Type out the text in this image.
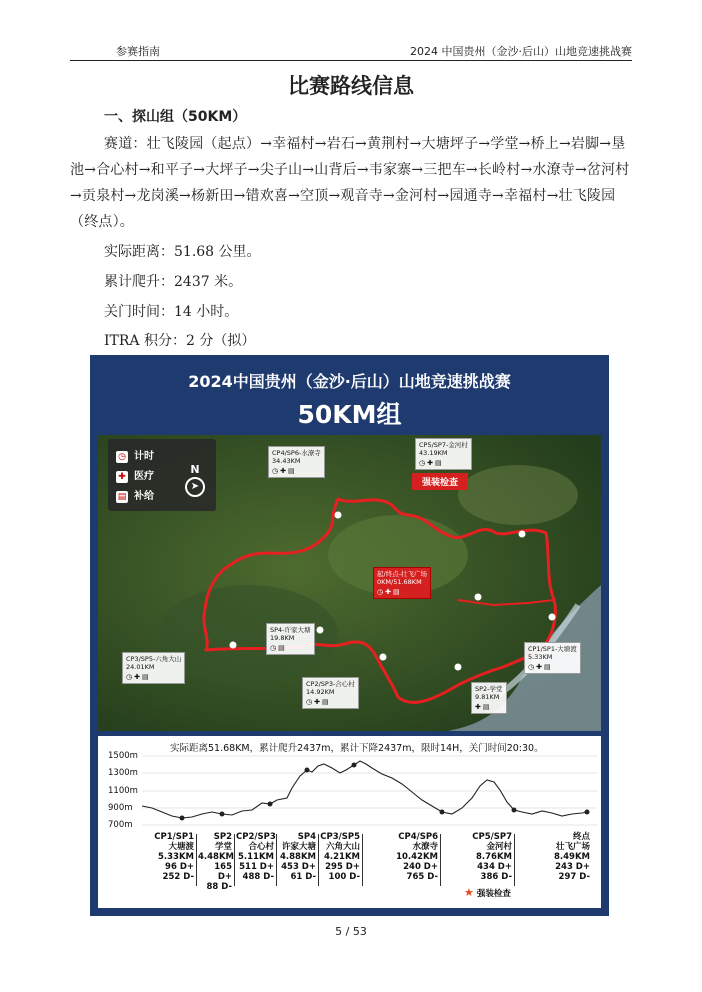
参赛指南	2024 中国贵州（金沙·后山）山地竞速挑战赛
比赛路线信息
一、探山组（50KM）
赛道：壮飞陵园（起点）→幸福村→岩石→黄荆村→大塘坪子→学堂→桥上→岩脚→垦池→合心村→和平子→大坪子→尖子山→山背后→韦家寨→三把车→长岭村→水潦寺→岔河村→贡泉村→龙岗溪→杨新田→错欢喜→空顶→观音寺→金河村→园通寺→幸福村→壮飞陵园（终点）。
实际距离：51.68 公里。
累计爬升：2437 米。
关门时间：14 小时。
ITRA 积分：2 分（拟）
2024中国贵州（金沙·后山）山地竞速挑战赛
50KM组
◷ 计时
✚ 医疗
▤ 补给
N
➤
CP4/SP6-水潦寺
34.43KM
◷✚▤
CP5/SP7-金河村
43.19KM
◷✚▤
强装检查
起/终点-壮飞广场
0KM/51.68KM
◷✚▤
SP4-许家大塘
19.8KM
◷▤
CP3/SP5-六角大山
24.01KM
◷✚▤
CP2/SP3-合心村
14.92KM
◷✚▤
SP2-学堂
9.81KM
✚▤
CP1/SP1-大塘渡
5.33KM
◷✚▤
实际距离51.68KM，累计爬升2437m，累计下降2437m，限时14H，关门时间20:30。
1500m
1300m
1100m
900m
700m
CP1/SP1
大塘渡
5.33KM
96 D+
252 D-
SP2
学堂
4.48KM
165 D+
88 D-
CP2/SP3
合心村
5.11KM
511 D+
488 D-
SP4
许家大塘
4.88KM
453 D+
61 D-
CP3/SP5
六角大山
4.21KM
295 D+
100 D-
CP4/SP6
水潦寺
10.42KM
240 D+
765 D-
CP5/SP7
金河村
8.76KM
434 D+
386 D-
终点
壮飞广场
8.49KM
243 D+
297 D-
★ 强装检查
5 / 53
